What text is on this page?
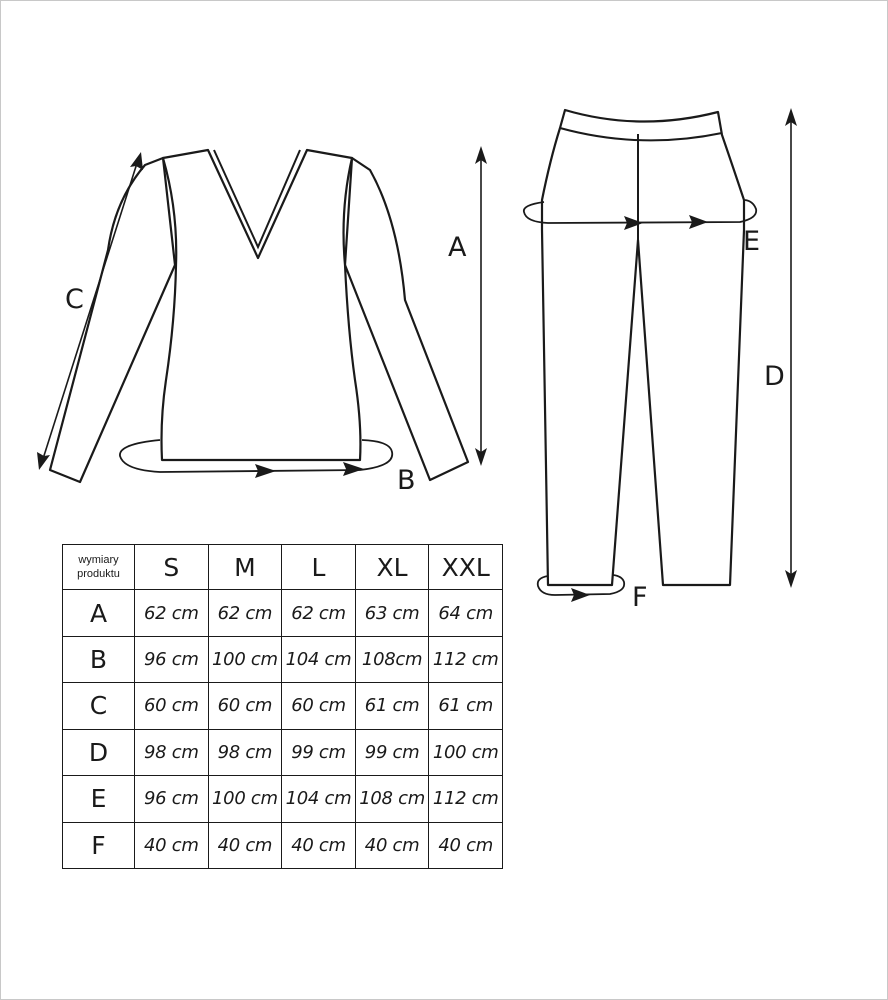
A
B
C
D
E
F
wymiary
produktu	S	M	L	XL	XXL
A	62 cm	62 cm	62 cm	63 cm	64 cm
B	96 cm	100 cm	104 cm	108cm	112 cm
C	60 cm	60 cm	60 cm	61 cm	61 cm
D	98 cm	98 cm	99 cm	99 cm	100 cm
E	96 cm	100 cm	104 cm	108 cm	112 cm
F	40 cm	40 cm	40 cm	40 cm	40 cm
